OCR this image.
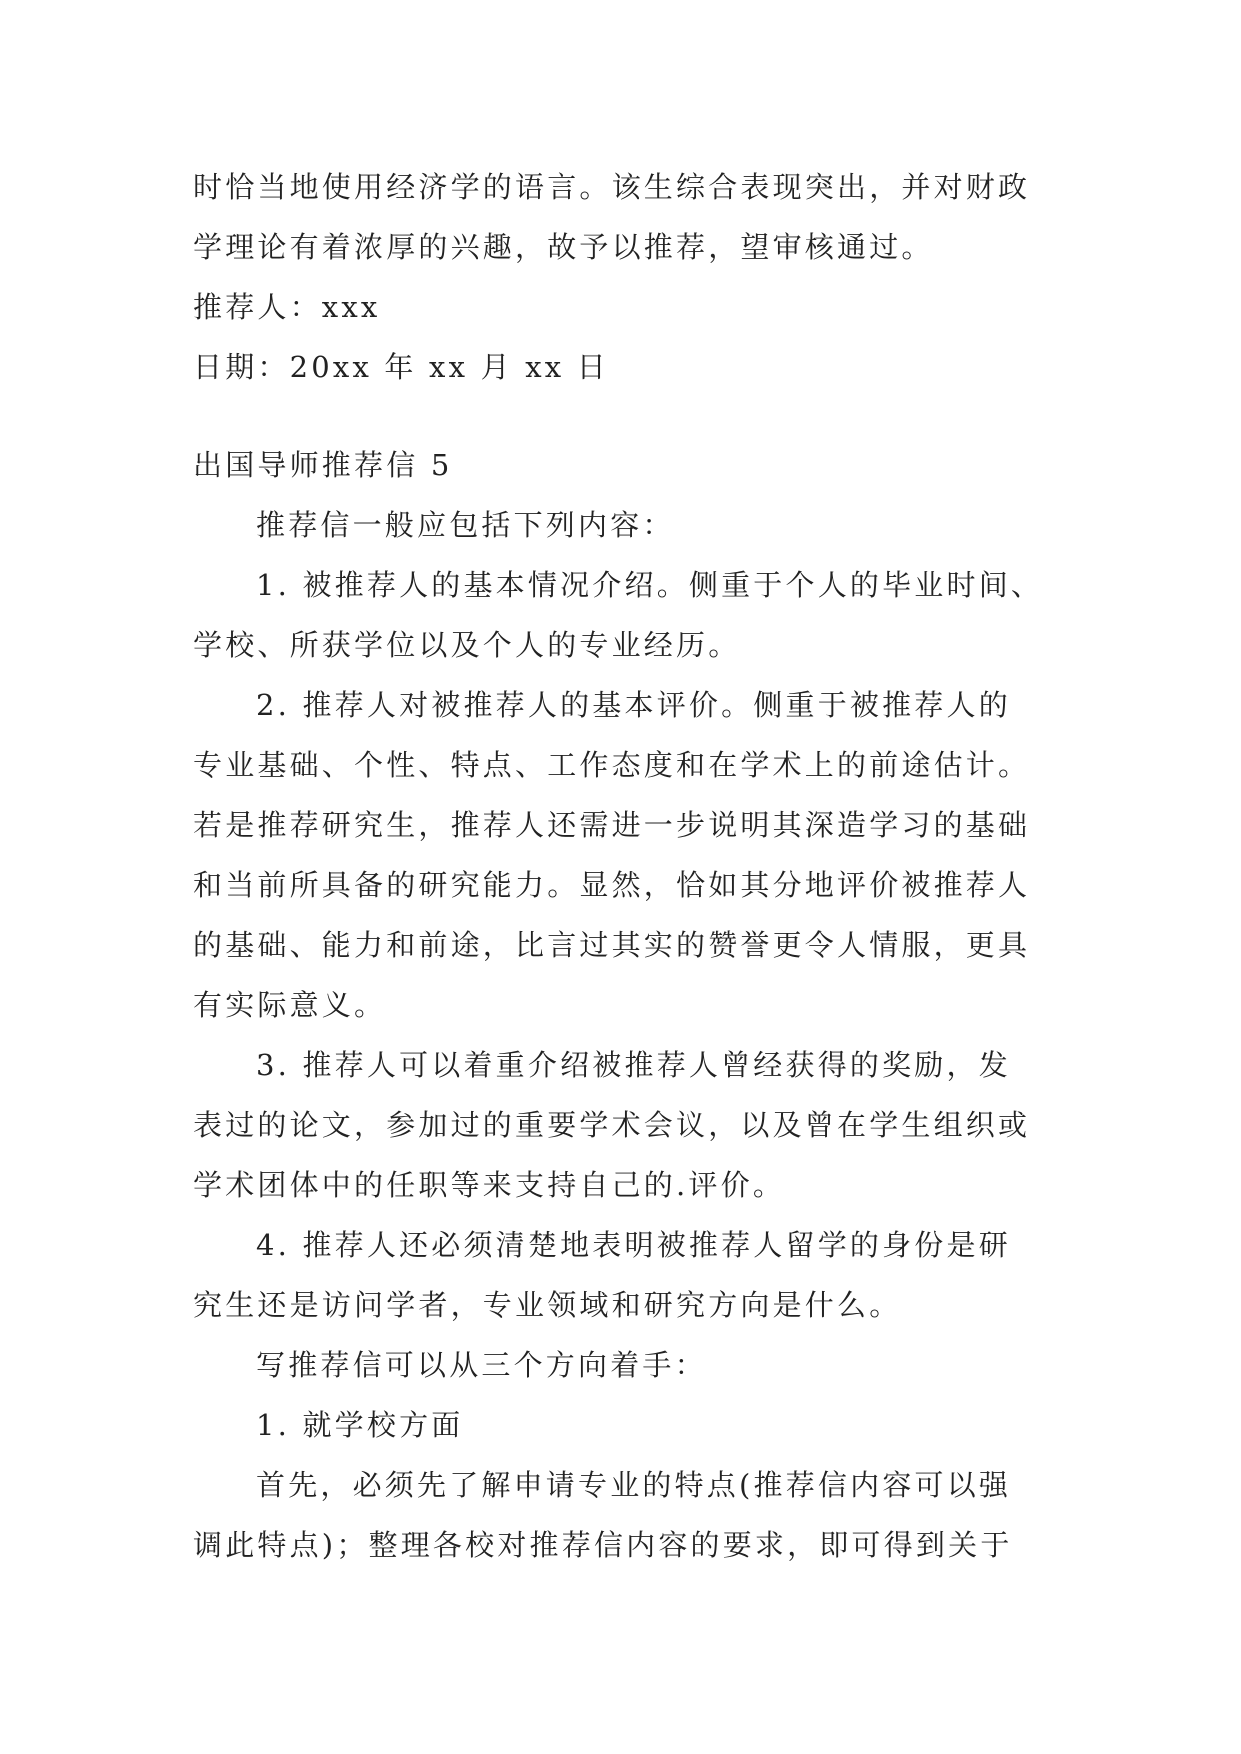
时恰当地使用经济学的语言。该生综合表现突出，并对财政
学理论有着浓厚的兴趣，故予以推荐，望审核通过。
推荐人：xxx
日期：20xx 年 xx 月 xx 日
出国导师推荐信 5
推荐信一般应包括下列内容：
1. 被推荐人的基本情况介绍。侧重于个人的毕业时间、
学校、所获学位以及个人的专业经历。
2. 推荐人对被推荐人的基本评价。侧重于被推荐人的
专业基础、个性、特点、工作态度和在学术上的前途估计。
若是推荐研究生，推荐人还需进一步说明其深造学习的基础
和当前所具备的研究能力。显然，恰如其分地评价被推荐人
的基础、能力和前途，比言过其实的赞誉更令人情服，更具
有实际意义。
3. 推荐人可以着重介绍被推荐人曾经获得的奖励，发
表过的论文，参加过的重要学术会议，以及曾在学生组织或
学术团体中的任职等来支持自己的.评价。
4. 推荐人还必须清楚地表明被推荐人留学的身份是研
究生还是访问学者，专业领域和研究方向是什么。
写推荐信可以从三个方向着手：
1. 就学校方面
首先，必须先了解申请专业的特点(推荐信内容可以强
调此特点)；整理各校对推荐信内容的要求，即可得到关于
